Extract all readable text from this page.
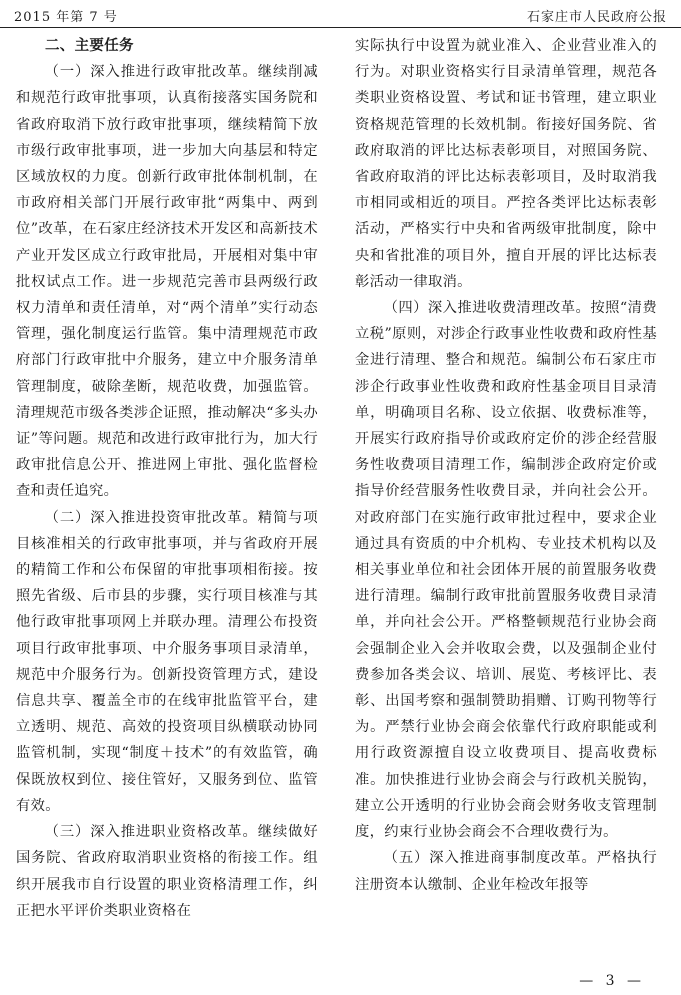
2015 年第 7 号	石家庄市人民政府公报
二、主要任务

（一）深入推进行政审批改革。继续削减和规范行政审批事项，认真衔接落实国务院和省政府取消下放行政审批事项，继续精简下放市级行政审批事项，进一步加大向基层和特定区域放权的力度。创新行政审批体制机制，在市政府相关部门开展行政审批“两集中、两到位”改革，在石家庄经济技术开发区和高新技术产业开发区成立行政审批局，开展相对集中审批权试点工作。进一步规范完善市县两级行政权力清单和责任清单，对“两个清单”实行动态管理，强化制度运行监管。集中清理规范市政府部门行政审批中介服务，建立中介服务清单管理制度，破除垄断，规范收费，加强监管。清理规范市级各类涉企证照，推动解决“多头办证”等问题。规范和改进行政审批行为，加大行政审批信息公开、推进网上审批、强化监督检查和责任追究。

（二）深入推进投资审批改革。精简与项目核准相关的行政审批事项，并与省政府开展的精简工作和公布保留的审批事项相衔接。按照先省级、后市县的步骤，实行项目核准与其他行政审批事项网上并联办理。清理公布投资项目行政审批事项、中介服务事项目录清单，规范中介服务行为。创新投资管理方式，建设信息共享、覆盖全市的在线审批监管平台，建立透明、规范、高效的投资项目纵横联动协同监管机制，实现“制度＋技术”的有效监管，确保既放权到位、接住管好，又服务到位、监管有效。

（三）深入推进职业资格改革。继续做好国务院、省政府取消职业资格的衔接工作。组织开展我市自行设置的职业资格清理工作，纠正把水平评价类职业资格在

实际执行中设置为就业准入、企业营业准入的行为。对职业资格实行目录清单管理，规范各类职业资格设置、考试和证书管理，建立职业资格规范管理的长效机制。衔接好国务院、省政府取消的评比达标表彰项目，对照国务院、省政府取消的评比达标表彰项目，及时取消我市相同或相近的项目。严控各类评比达标表彰活动，严格实行中央和省两级审批制度，除中央和省批准的项目外，擅自开展的评比达标表彰活动一律取消。

（四）深入推进收费清理改革。按照“清费立税”原则，对涉企行政事业性收费和政府性基金进行清理、整合和规范。编制公布石家庄市涉企行政事业性收费和政府性基金项目目录清单，明确项目名称、设立依据、收费标准等，开展实行政府指导价或政府定价的涉企经营服务性收费项目清理工作，编制涉企政府定价或指导价经营服务性收费目录，并向社会公开。对政府部门在实施行政审批过程中，要求企业通过具有资质的中介机构、专业技术机构以及相关事业单位和社会团体开展的前置服务收费进行清理。编制行政审批前置服务收费目录清单，并向社会公开。严格整顿规范行业协会商会强制企业入会并收取会费，以及强制企业付费参加各类会议、培训、展览、考核评比、表彰、出国考察和强制赞助捐赠、订购刊物等行为。严禁行业协会商会依靠代行政府职能或利用行政资源擅自设立收费项目、提高收费标准。加快推进行业协会商会与行政机关脱钩，建立公开透明的行业协会商会财务收支管理制度，约束行业协会商会不合理收费行为。

（五）深入推进商事制度改革。严格执行注册资本认缴制、企业年检改年报等

— 3 —
